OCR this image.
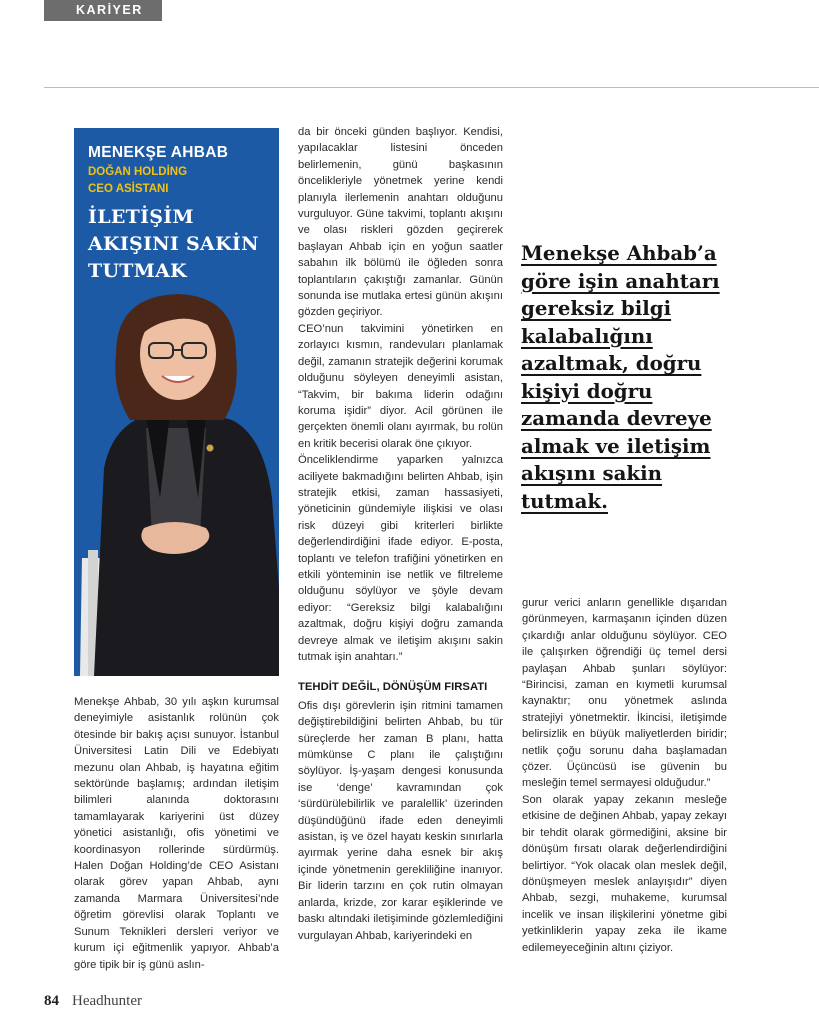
KARİYER
MENEKŞE AHBAB
DOĞAN HOLDİNG
CEO ASİSTANI
İLETİŞİM AKIŞINI SAKİN TUTMAK

da bir önceki günden başlıyor. Kendisi, yapılacaklar listesini önceden belirlemenin, günü başkasının öncelikleriyle yönetmek yerine kendi planıyla ilerlemenin anahtarı olduğunu vurguluyor. Güne takvimi, toplantı akışını ve olası riskleri gözden geçirerek başlayan Ahbab için en yoğun saatler sabahın ilk bölümü ile öğleden sonra toplantıların çakıştığı zamanlar. Günün sonunda ise mutlaka ertesi günün akışını gözden geçiriyor.

CEO’nun takvimini yönetirken en zorlayıcı kısmın, randevuları planlamak değil, zamanın stratejik değerini korumak olduğunu söyleyen deneyimli asistan, “Takvim, bir bakıma liderin odağını koruma işidir” diyor. Acil görünen ile gerçekten önemli olanı ayırmak, bu rolün en kritik becerisi olarak öne çıkıyor.

Önceliklendirme yaparken yalnızca aciliyete bakmadığını belirten Ahbab, işin stratejik etkisi, zaman hassasiyeti, yöneticinin gündemiyle ilişkisi ve olası risk düzeyi gibi kriterleri birlikte değerlendirdiğini ifade ediyor. E-posta, toplantı ve telefon trafiğini yönetirken en etkili yönteminin ise netlik ve filtreleme olduğunu söylüyor ve şöyle devam ediyor: “Gereksiz bilgi kalabalığını azaltmak, doğru kişiyi doğru zamanda devreye almak ve iletişim akışını sakin tutmak işin anahtarı.”

TEHDİT DEĞİL, DÖNÜŞÜM FIRSATI

Ofis dışı görevlerin işin ritmini tamamen değiştirebildiğini belirten Ahbab, bu tür süreçlerde her zaman B planı, hatta mümkünse C planı ile çalıştığını söylüyor. İş-yaşam dengesi konusunda ise ‘denge’ kavramından çok ‘sürdürülebilirlik ve paralellik’ üzerinden düşündüğünü ifade eden deneyimli asistan, iş ve özel hayatı keskin sınırlarla ayırmak yerine daha esnek bir akış içinde yönetmenin gerekliliğine inanıyor. Bir liderin tarzını en çok rutin olmayan anlarda, krizde, zor karar eşiklerinde ve baskı altındaki iletişiminde gözlemlediğini vurgulayan Ahbab, kariyerindeki en

Menekşe Ahbab’a
göre işin anahtarı
gereksiz bilgi
kalabalığını
azaltmak, doğru
kişiyi doğru
zamanda devreye
almak ve iletişim
akışını sakin
tutmak.

Menekşe Ahbab, 30 yılı aşkın kurumsal deneyimiyle asistanlık rolünün çok ötesinde bir bakış açısı sunuyor. İstanbul Üniversitesi Latin Dili ve Edebiyatı mezunu olan Ahbab, iş hayatına eğitim sektöründe başlamış; ardından iletişim bilimleri alanında doktorasını tamamlayarak kariyerini üst düzey yönetici asistanlığı, ofis yönetimi ve koordinasyon rollerinde sürdürmüş. Halen Doğan Holding’de CEO Asistanı olarak görev yapan Ahbab, aynı zamanda Marmara Üniversitesi’nde öğretim görevlisi olarak Toplantı ve Sunum Teknikleri dersleri veriyor ve kurum içi eğitmenlik yapıyor. Ahbab’a göre tipik bir iş günü aslın-

gurur verici anların genellikle dışarıdan görünmeyen, karmaşanın içinden düzen çıkardığı anlar olduğunu söylüyor. CEO ile çalışırken öğrendiği üç temel dersi paylaşan Ahbab şunları söylüyor: “Birincisi, zaman en kıymetli kurumsal kaynaktır; onu yönetmek aslında stratejiyi yönetmektir. İkincisi, iletişimde belirsizlik en büyük maliyetlerden biridir; netlik çoğu sorunu daha başlamadan çözer. Üçüncüsü ise güvenin bu mesleğin temel sermayesi olduğudur.”

Son olarak yapay zekanın mesleğe etkisine de değinen Ahbab, yapay zekayı bir tehdit olarak görmediğini, aksine bir dönüşüm fırsatı olarak değerlendirdiğini belirtiyor. “Yok olacak olan meslek değil, dönüşmeyen meslek anlayışıdır” diyen Ahbab, sezgi, muhakeme, kurumsal incelik ve insan ilişkilerini yönetme gibi yetkinliklerin yapay zeka ile ikame edilemeyeceğinin altını çiziyor.

84 Headhunter
